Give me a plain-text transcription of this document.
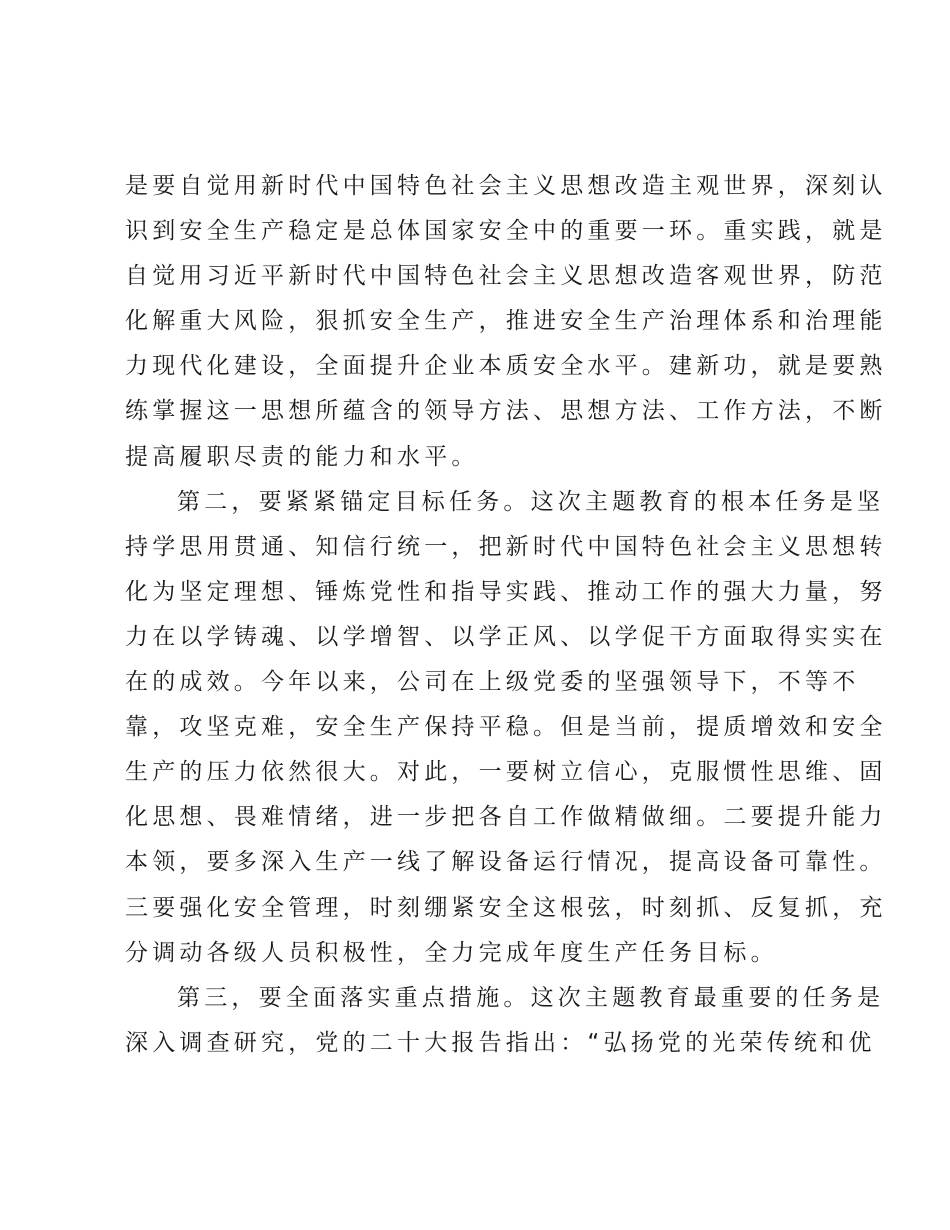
是要自觉用新时代中国特色社会主义思想改造主观世界，深刻认
识到安全生产稳定是总体国家安全中的重要一环。重实践，就是
自觉用习近平新时代中国特色社会主义思想改造客观世界，防范
化解重大风险，狠抓安全生产，推进安全生产治理体系和治理能
力现代化建设，全面提升企业本质安全水平。建新功，就是要熟
练掌握这一思想所蕴含的领导方法、思想方法、工作方法，不断
提高履职尽责的能力和水平。
第二，要紧紧锚定目标任务。这次主题教育的根本任务是坚
持学思用贯通、知信行统一，把新时代中国特色社会主义思想转
化为坚定理想、锤炼党性和指导实践、推动工作的强大力量，努
力在以学铸魂、以学增智、以学正风、以学促干方面取得实实在
在的成效。今年以来，公司在上级党委的坚强领导下，不等不
靠，攻坚克难，安全生产保持平稳。但是当前，提质增效和安全
生产的压力依然很大。对此，一要树立信心，克服惯性思维、固
化思想、畏难情绪，进一步把各自工作做精做细。二要提升能力
本领，要多深入生产一线了解设备运行情况，提高设备可靠性。
三要强化安全管理，时刻绷紧安全这根弦，时刻抓、反复抓，充
分调动各级人员积极性，全力完成年度生产任务目标。
第三，要全面落实重点措施。这次主题教育最重要的任务是
深入调查研究，党的二十大报告指出：“弘扬党的光荣传统和优
